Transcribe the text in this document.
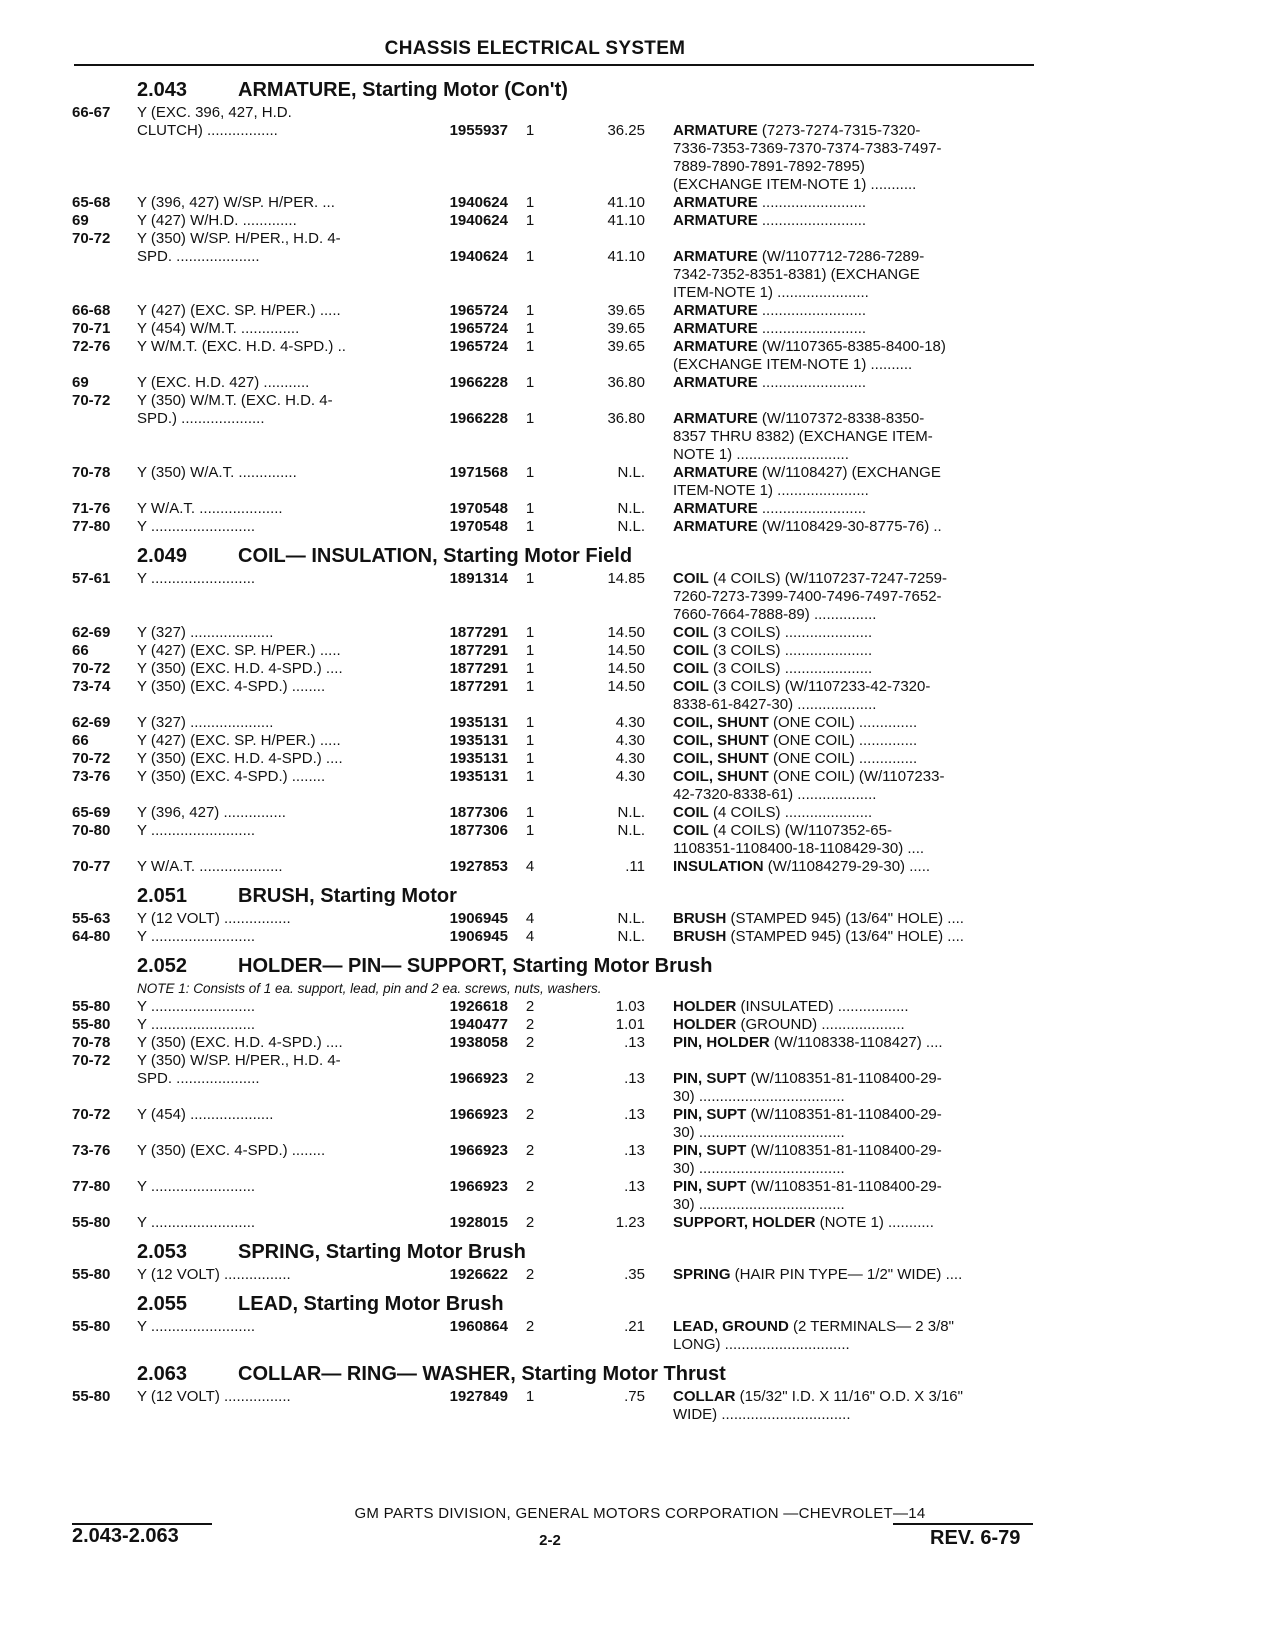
CHASSIS ELECTRICAL SYSTEM
2.043	ARMATURE, Starting Motor (Con't)
66-67	Y (EXC. 396, 427, H.D.
CLUTCH) .................	1955937	1	36.25 ARMATURE (7273-7274-7315-7320-
7336-7353-7369-7370-7374-7383-7497-
7889-7890-7891-7892-7895)
(EXCHANGE ITEM-NOTE 1) ...........
65-68	Y (396, 427) W/SP. H/PER. ...	1940624	1	41.10 ARMATURE .........................
69	Y (427) W/H.D. .............	1940624	1	41.10 ARMATURE .........................
70-72	Y (350) W/SP. H/PER., H.D. 4-
SPD. ....................	1940624	1	41.10 ARMATURE (W/1107712-7286-7289-
7342-7352-8351-8381) (EXCHANGE
ITEM-NOTE 1) ......................
66-68	Y (427) (EXC. SP. H/PER.) .....	1965724	1	39.65 ARMATURE .........................
70-71	Y (454) W/M.T. ..............	1965724	1	39.65 ARMATURE .........................
72-76	Y W/M.T. (EXC. H.D. 4-SPD.) ..	1965724	1	39.65 ARMATURE (W/1107365-8385-8400-18)
(EXCHANGE ITEM-NOTE 1) ..........
69	Y (EXC. H.D. 427) ...........	1966228	1	36.80 ARMATURE .........................
70-72	Y (350) W/M.T. (EXC. H.D. 4-
SPD.) ....................	1966228	1	36.80 ARMATURE (W/1107372-8338-8350-
8357 THRU 8382) (EXCHANGE ITEM-
NOTE 1) ...........................
70-78	Y (350) W/A.T. ..............	1971568	1	N.L. ARMATURE (W/1108427) (EXCHANGE
ITEM-NOTE 1) ......................
71-76	Y W/A.T. ....................	1970548	1	N.L. ARMATURE .........................
77-80	Y .........................	1970548	1	N.L. ARMATURE (W/1108429-30-8775-76) ..
2.049	COIL— INSULATION, Starting Motor Field
57-61	Y .........................	1891314	1	14.85 COIL (4 COILS) (W/1107237-7247-7259-
7260-7273-7399-7400-7496-7497-7652-
7660-7664-7888-89) ...............
62-69	Y (327) ....................	1877291	1	14.50 COIL (3 COILS) .....................
66	Y (427) (EXC. SP. H/PER.) .....	1877291	1	14.50 COIL (3 COILS) .....................
70-72	Y (350) (EXC. H.D. 4-SPD.) ....	1877291	1	14.50 COIL (3 COILS) .....................
73-74	Y (350) (EXC. 4-SPD.) ........	1877291	1	14.50 COIL (3 COILS) (W/1107233-42-7320-
8338-61-8427-30) ...................
62-69	Y (327) ....................	1935131	1	4.30 COIL, SHUNT (ONE COIL) ..............
66	Y (427) (EXC. SP. H/PER.) .....	1935131	1	4.30 COIL, SHUNT (ONE COIL) ..............
70-72	Y (350) (EXC. H.D. 4-SPD.) ....	1935131	1	4.30 COIL, SHUNT (ONE COIL) ..............
73-76	Y (350) (EXC. 4-SPD.) ........	1935131	1	4.30 COIL, SHUNT (ONE COIL) (W/1107233-
42-7320-8338-61) ...................
65-69	Y (396, 427) ...............	1877306	1	N.L. COIL (4 COILS) .....................
70-80	Y .........................	1877306	1	N.L. COIL (4 COILS) (W/1107352-65-
1108351-1108400-18-1108429-30) ....
70-77	Y W/A.T. ....................	1927853	4	.11 INSULATION (W/11084279-29-30) .....
2.051	BRUSH, Starting Motor
55-63	Y (12 VOLT) ................	1906945	4	N.L. BRUSH (STAMPED 945) (13/64" HOLE) ....
64-80	Y .........................	1906945	4	N.L. BRUSH (STAMPED 945) (13/64" HOLE) ....
2.052	HOLDER— PIN— SUPPORT, Starting Motor Brush
NOTE 1: Consists of 1 ea. support, lead, pin and 2 ea. screws, nuts, washers.
55-80	Y .........................	1926618	2	1.03 HOLDER (INSULATED) .................
55-80	Y .........................	1940477	2	1.01 HOLDER (GROUND) ....................
70-78	Y (350) (EXC. H.D. 4-SPD.) ....	1938058	2	.13 PIN, HOLDER (W/1108338-1108427) ....
70-72	Y (350) W/SP. H/PER., H.D. 4-
SPD. ....................	1966923	2	.13 PIN, SUPT (W/1108351-81-1108400-29-
30) ...................................
70-72	Y (454) ....................	1966923	2	.13 PIN, SUPT (W/1108351-81-1108400-29-
30) ...................................
73-76	Y (350) (EXC. 4-SPD.) ........	1966923	2	.13 PIN, SUPT (W/1108351-81-1108400-29-
30) ...................................
77-80	Y .........................	1966923	2	.13 PIN, SUPT (W/1108351-81-1108400-29-
30) ...................................
55-80	Y .........................	1928015	2	1.23 SUPPORT, HOLDER (NOTE 1) ...........
2.053	SPRING, Starting Motor Brush
55-80	Y (12 VOLT) ................	1926622	2	.35 SPRING (HAIR PIN TYPE— 1/2" WIDE) ....
2.055	LEAD, Starting Motor Brush
55-80	Y .........................	1960864	2	.21 LEAD, GROUND (2 TERMINALS— 2 3/8"
LONG) ..............................
2.063	COLLAR— RING— WASHER, Starting Motor Thrust
55-80	Y (12 VOLT) ................	1927849	1	.75 COLLAR (15/32" I.D. X 11/16" O.D. X 3/16"
WIDE) ...............................
GM PARTS DIVISION, GENERAL MOTORS CORPORATION —CHEVROLET—14
2.043-2.063	2-2	REV. 6-79
